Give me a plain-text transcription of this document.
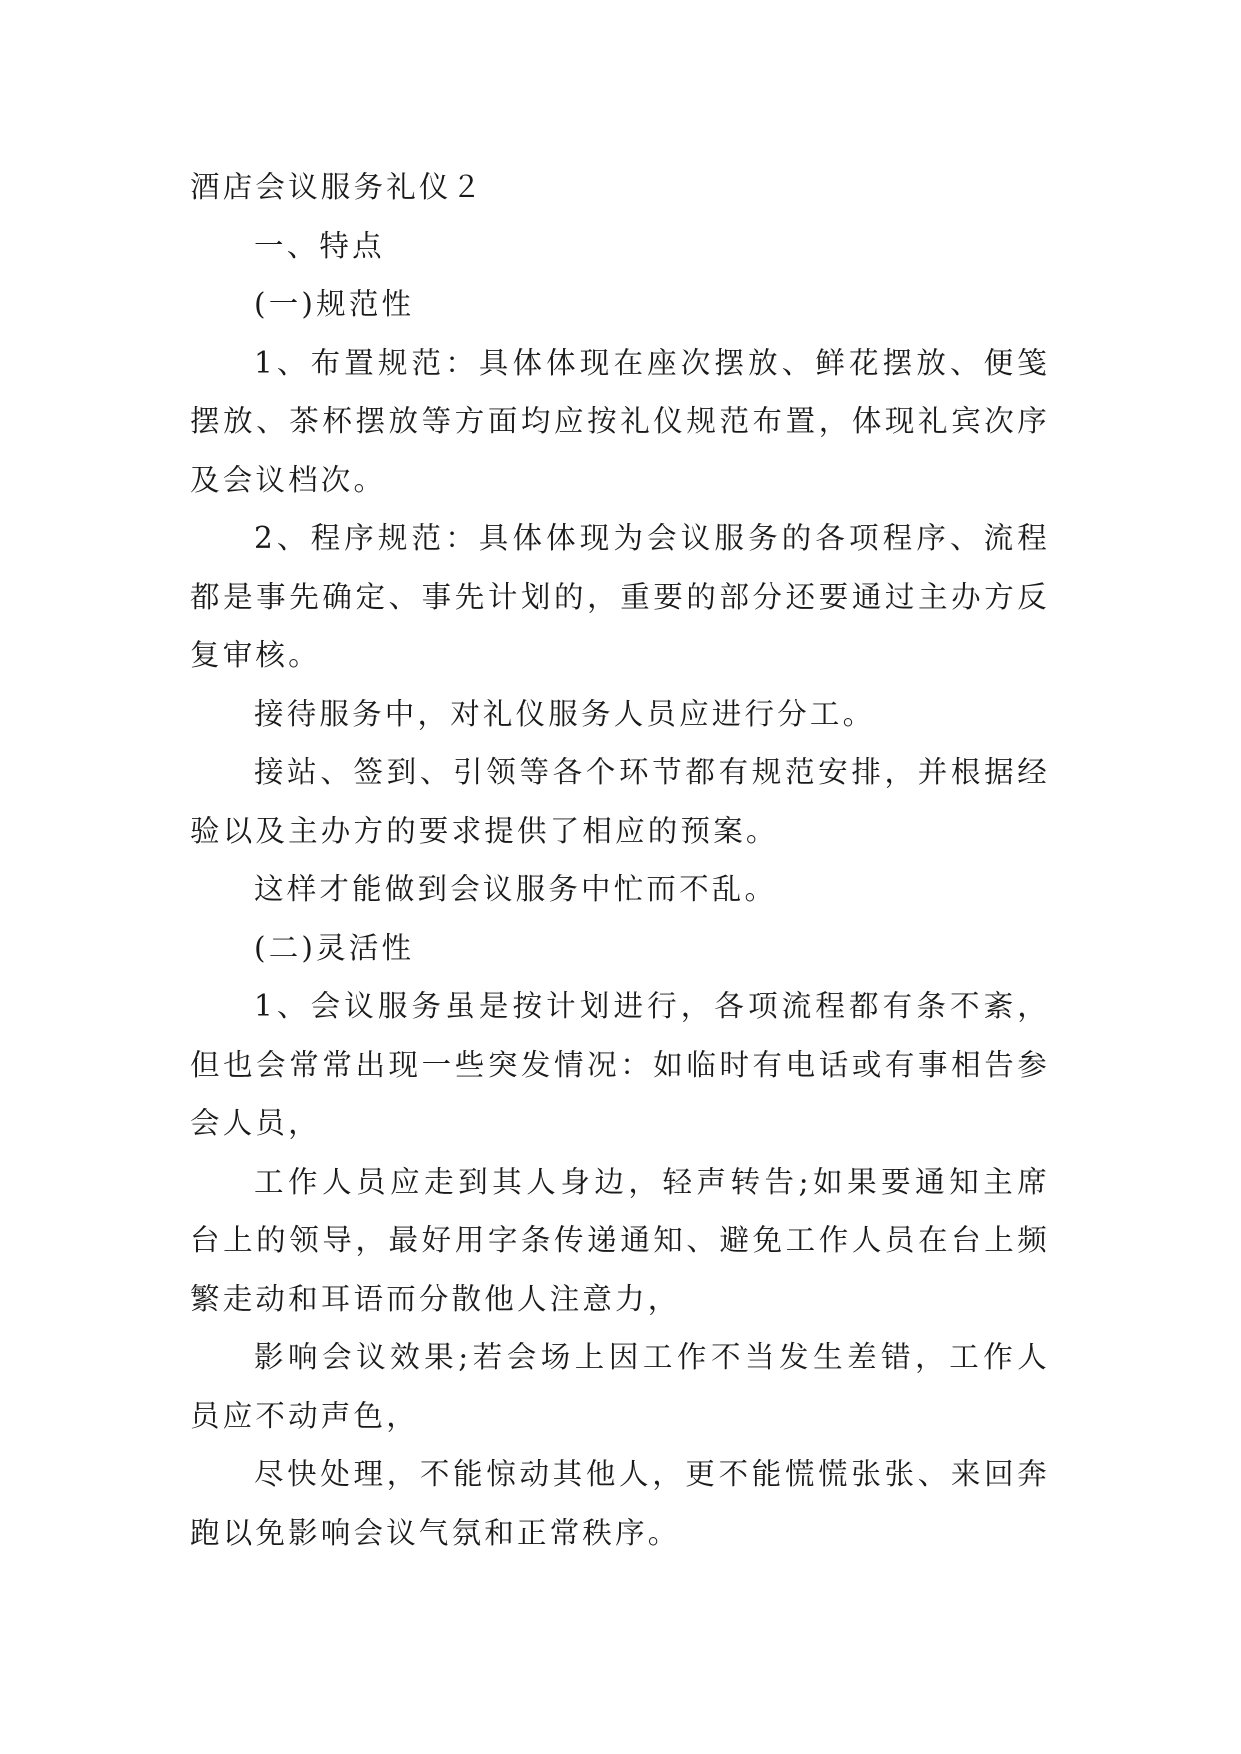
酒店会议服务礼仪２

一、特点

(一)规范性

1、布置规范：具体体现在座次摆放、鲜花摆放、便笺摆放、茶杯摆放等方面均应按礼仪规范布置，体现礼宾次序及会议档次。

2、程序规范：具体体现为会议服务的各项程序、流程都是事先确定、事先计划的，重要的部分还要通过主办方反复审核。

接待服务中，对礼仪服务人员应进行分工。

接站、签到、引领等各个环节都有规范安排，并根据经验以及主办方的要求提供了相应的预案。

这样才能做到会议服务中忙而不乱。

(二)灵活性

1、会议服务虽是按计划进行，各项流程都有条不紊，但也会常常出现一些突发情况：如临时有电话或有事相告参会人员，

工作人员应走到其人身边，轻声转告;如果要通知主席台上的领导，最好用字条传递通知、避免工作人员在台上频繁走动和耳语而分散他人注意力，

影响会议效果;若会场上因工作不当发生差错，工作人员应不动声色，

尽快处理，不能惊动其他人，更不能慌慌张张、来回奔跑以免影响会议气氛和正常秩序。
